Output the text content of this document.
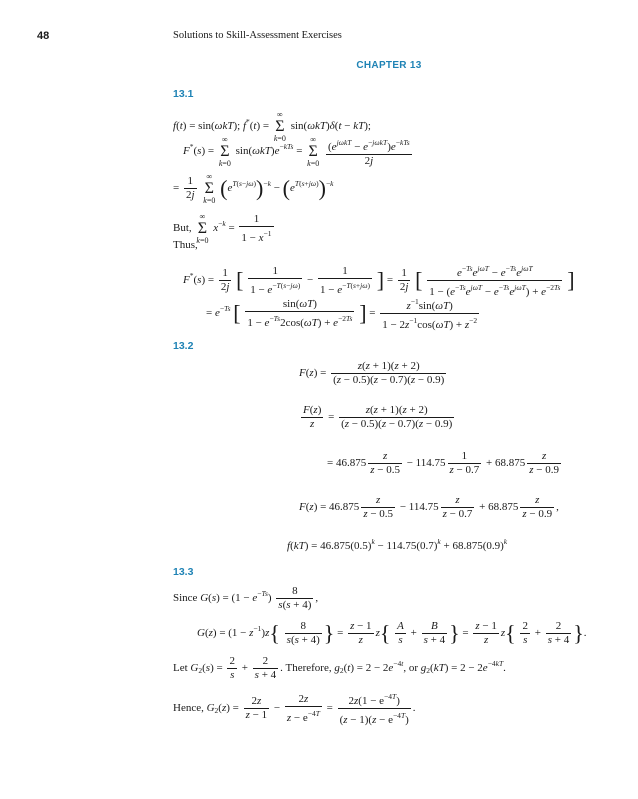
48	Solutions to Skill-Assessment Exercises
CHAPTER 13
13.1
f(t) = sin(ωkT); f*(t) = ∞
Σ
k=0 sin(ωkT)δ(t − kT);
F*(s) = ∞
Σ
k=0 $\sin(\omega kT)e^{-kTs}$ = ∞
Σ
k=0
$(e^{j\omega kT} - e^{-j\omega kT})e^{-kTs}$
2j
= $\frac{1}{2j}$ ∞
Σ
k=0 $(e^{T(s-j\omega)})^{-k} - (e^{T(s+j\omega)})^{-k}$
But, ∞
Σ
k=0 $x^{-k} = \frac{1}{1 - x^{-1}}$
Thus,
$F^*(s) = \frac{1}{2j}$ [ $\frac{1}{1 - e^{-T(s-j\omega)}} - \frac{1}{1 - e^{-T(s+j\omega)}}$ ] = $\frac{1}{2j}$ [	$e^{-Ts}e^{j\omega T} - e^{-Ts}e^{j\omega T}$
$1 - (e^{-Ts}e^{j\omega T} - e^{-Ts}e^{j\omega T}) + e^{-2Ts}$ ]
= $e^{-Ts}$ [ $\frac{\sin(\omega T)}{1 - e^{-Ts}2\cos(\omega T) + e^{-2Ts}}$ ] = $\frac{z^{-1}\sin(\omega T)}{1 - 2z^{-1}\cos(\omega T) + z^{-2}}$
13.2
$F(z) = \frac{z(z + 1)(z + 2)}{(z - 0.5)(z - 0.7)(z - 0.9)}$
$\frac{F(z)}{z} = \frac{z(z + 1)(z + 2)}{(z - 0.5)(z - 0.7)(z - 0.9)}$
= $46.875 \frac{z}{z - 0.5} - 114.75 \frac{1}{z - 0.7} + 68.875 \frac{z}{z - 0.9}$
$F(z) = 46.875 \frac{z}{z - 0.5} - 114.75 \frac{z}{z - 0.7} + 68.875 \frac{z}{z - 0.9}$ ,
$f(kT) = 46.875(0.5)^k - 114.75(0.7)^k + 68.875(0.9)^k$
13.3
Since $G(s) = (1 - e^{-Ts}) \frac{8}{s(s + 4)}$ ,
$G(z) = (1 - z^{-1})z\{ \frac{8}{s(s + 4)}$ } = $\frac{z - 1}{z} z\{ \frac{A}{s} + \frac{B}{s + 4}$ } = $\frac{z - 1}{z} z\{ \frac{2}{s} + \frac{2}{s + 4}$ }.
Let $G_2(s) = \frac{2}{s} + \frac{2}{s + 4}$ . Therefore, $g_2(t) = 2 - 2e^{-4t}$, or $g_2(kT) = 2 - 2e^{-4kT}$.
Hence, $G_2(z) = \frac{2z}{z - 1} - \frac{2z}{z - e^{-4T}} = \frac{2z(1 - e^{-4T})}{(z - 1)(z - e^{-4T})}$ .
